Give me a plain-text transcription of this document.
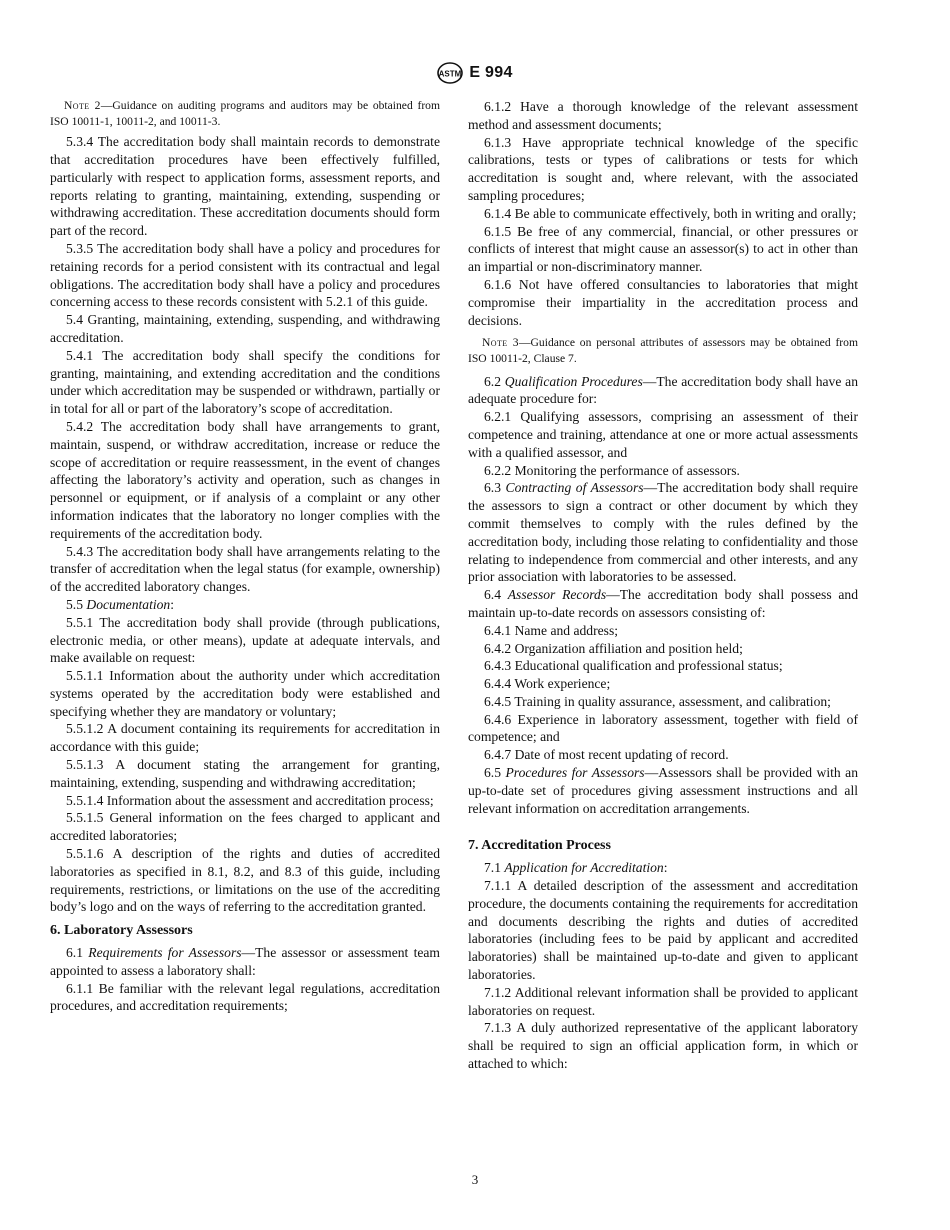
ASTM E 994

Note 2—Guidance on auditing programs and auditors may be obtained from ISO 10011-1, 10011-2, and 10011-3.

5.3.4 The accreditation body shall maintain records to demonstrate that accreditation procedures have been effectively fulfilled, particularly with respect to application forms, assessment reports, and reports relating to granting, maintaining, extending, suspending or withdrawing accreditation. These accreditation documents should form part of the record.

5.3.5 The accreditation body shall have a policy and procedures for retaining records for a period consistent with its contractual and legal obligations. The accreditation body shall have a policy and procedures concerning access to these records consistent with 5.2.1 of this guide.

5.4 Granting, maintaining, extending, suspending, and withdrawing accreditation.

5.4.1 The accreditation body shall specify the conditions for granting, maintaining, and extending accreditation and the conditions under which accreditation may be suspended or withdrawn, partially or in total for all or part of the laboratory’s scope of accreditation.

5.4.2 The accreditation body shall have arrangements to grant, maintain, suspend, or withdraw accreditation, increase or reduce the scope of accreditation or require reassessment, in the event of changes affecting the laboratory’s activity and operation, such as changes in personnel or equipment, or if analysis of a complaint or any other information indicates that the laboratory no longer complies with the requirements of the accreditation body.

5.4.3 The accreditation body shall have arrangements relating to the transfer of accreditation when the legal status (for example, ownership) of the accredited laboratory changes.

5.5 Documentation:

5.5.1 The accreditation body shall provide (through publications, electronic media, or other means), update at adequate intervals, and make available on request:

5.5.1.1 Information about the authority under which accreditation systems operated by the accreditation body were established and specifying whether they are mandatory or voluntary;

5.5.1.2 A document containing its requirements for accreditation in accordance with this guide;

5.5.1.3 A document stating the arrangement for granting, maintaining, extending, suspending and withdrawing accreditation;

5.5.1.4 Information about the assessment and accreditation process;

5.5.1.5 General information on the fees charged to applicant and accredited laboratories;

5.5.1.6 A description of the rights and duties of accredited laboratories as specified in 8.1, 8.2, and 8.3 of this guide, including requirements, restrictions, or limitations on the use of the accrediting body’s logo and on the ways of referring to the accreditation granted.

6. Laboratory Assessors

6.1 Requirements for Assessors—The assessor or assessment team appointed to assess a laboratory shall:

6.1.1 Be familiar with the relevant legal regulations, accreditation procedures, and accreditation requirements;

6.1.2 Have a thorough knowledge of the relevant assessment method and assessment documents;

6.1.3 Have appropriate technical knowledge of the specific calibrations, tests or types of calibrations or tests for which accreditation is sought and, where relevant, with the associated sampling procedures;

6.1.4 Be able to communicate effectively, both in writing and orally;

6.1.5 Be free of any commercial, financial, or other pressures or conflicts of interest that might cause an assessor(s) to act in other than an impartial or non-discriminatory manner.

6.1.6 Not have offered consultancies to laboratories that might compromise their impartiality in the accreditation process and decisions.

Note 3—Guidance on personal attributes of assessors may be obtained from ISO 10011-2, Clause 7.

6.2 Qualification Procedures—The accreditation body shall have an adequate procedure for:

6.2.1 Qualifying assessors, comprising an assessment of their competence and training, attendance at one or more actual assessments with a qualified assessor, and

6.2.2 Monitoring the performance of assessors.

6.3 Contracting of Assessors—The accreditation body shall require the assessors to sign a contract or other document by which they commit themselves to comply with the rules defined by the accreditation body, including those relating to confidentiality and those relating to independence from commercial and other interests, and any prior association with laboratories to be assessed.

6.4 Assessor Records—The accreditation body shall possess and maintain up-to-date records on assessors consisting of:

6.4.1 Name and address;

6.4.2 Organization affiliation and position held;

6.4.3 Educational qualification and professional status;

6.4.4 Work experience;

6.4.5 Training in quality assurance, assessment, and calibration;

6.4.6 Experience in laboratory assessment, together with field of competence; and

6.4.7 Date of most recent updating of record.

6.5 Procedures for Assessors—Assessors shall be provided with an up-to-date set of procedures giving assessment instructions and all relevant information on accreditation arrangements.

7. Accreditation Process

7.1 Application for Accreditation:

7.1.1 A detailed description of the assessment and accreditation procedure, the documents containing the requirements for accreditation and documents describing the rights and duties of accredited laboratories (including fees to be paid by applicant and accredited laboratories) shall be maintained up-to-date and given to applicant laboratories.

7.1.2 Additional relevant information shall be provided to applicant laboratories on request.

7.1.3 A duly authorized representative of the applicant laboratory shall be required to sign an official application form, in which or attached to which:

3
